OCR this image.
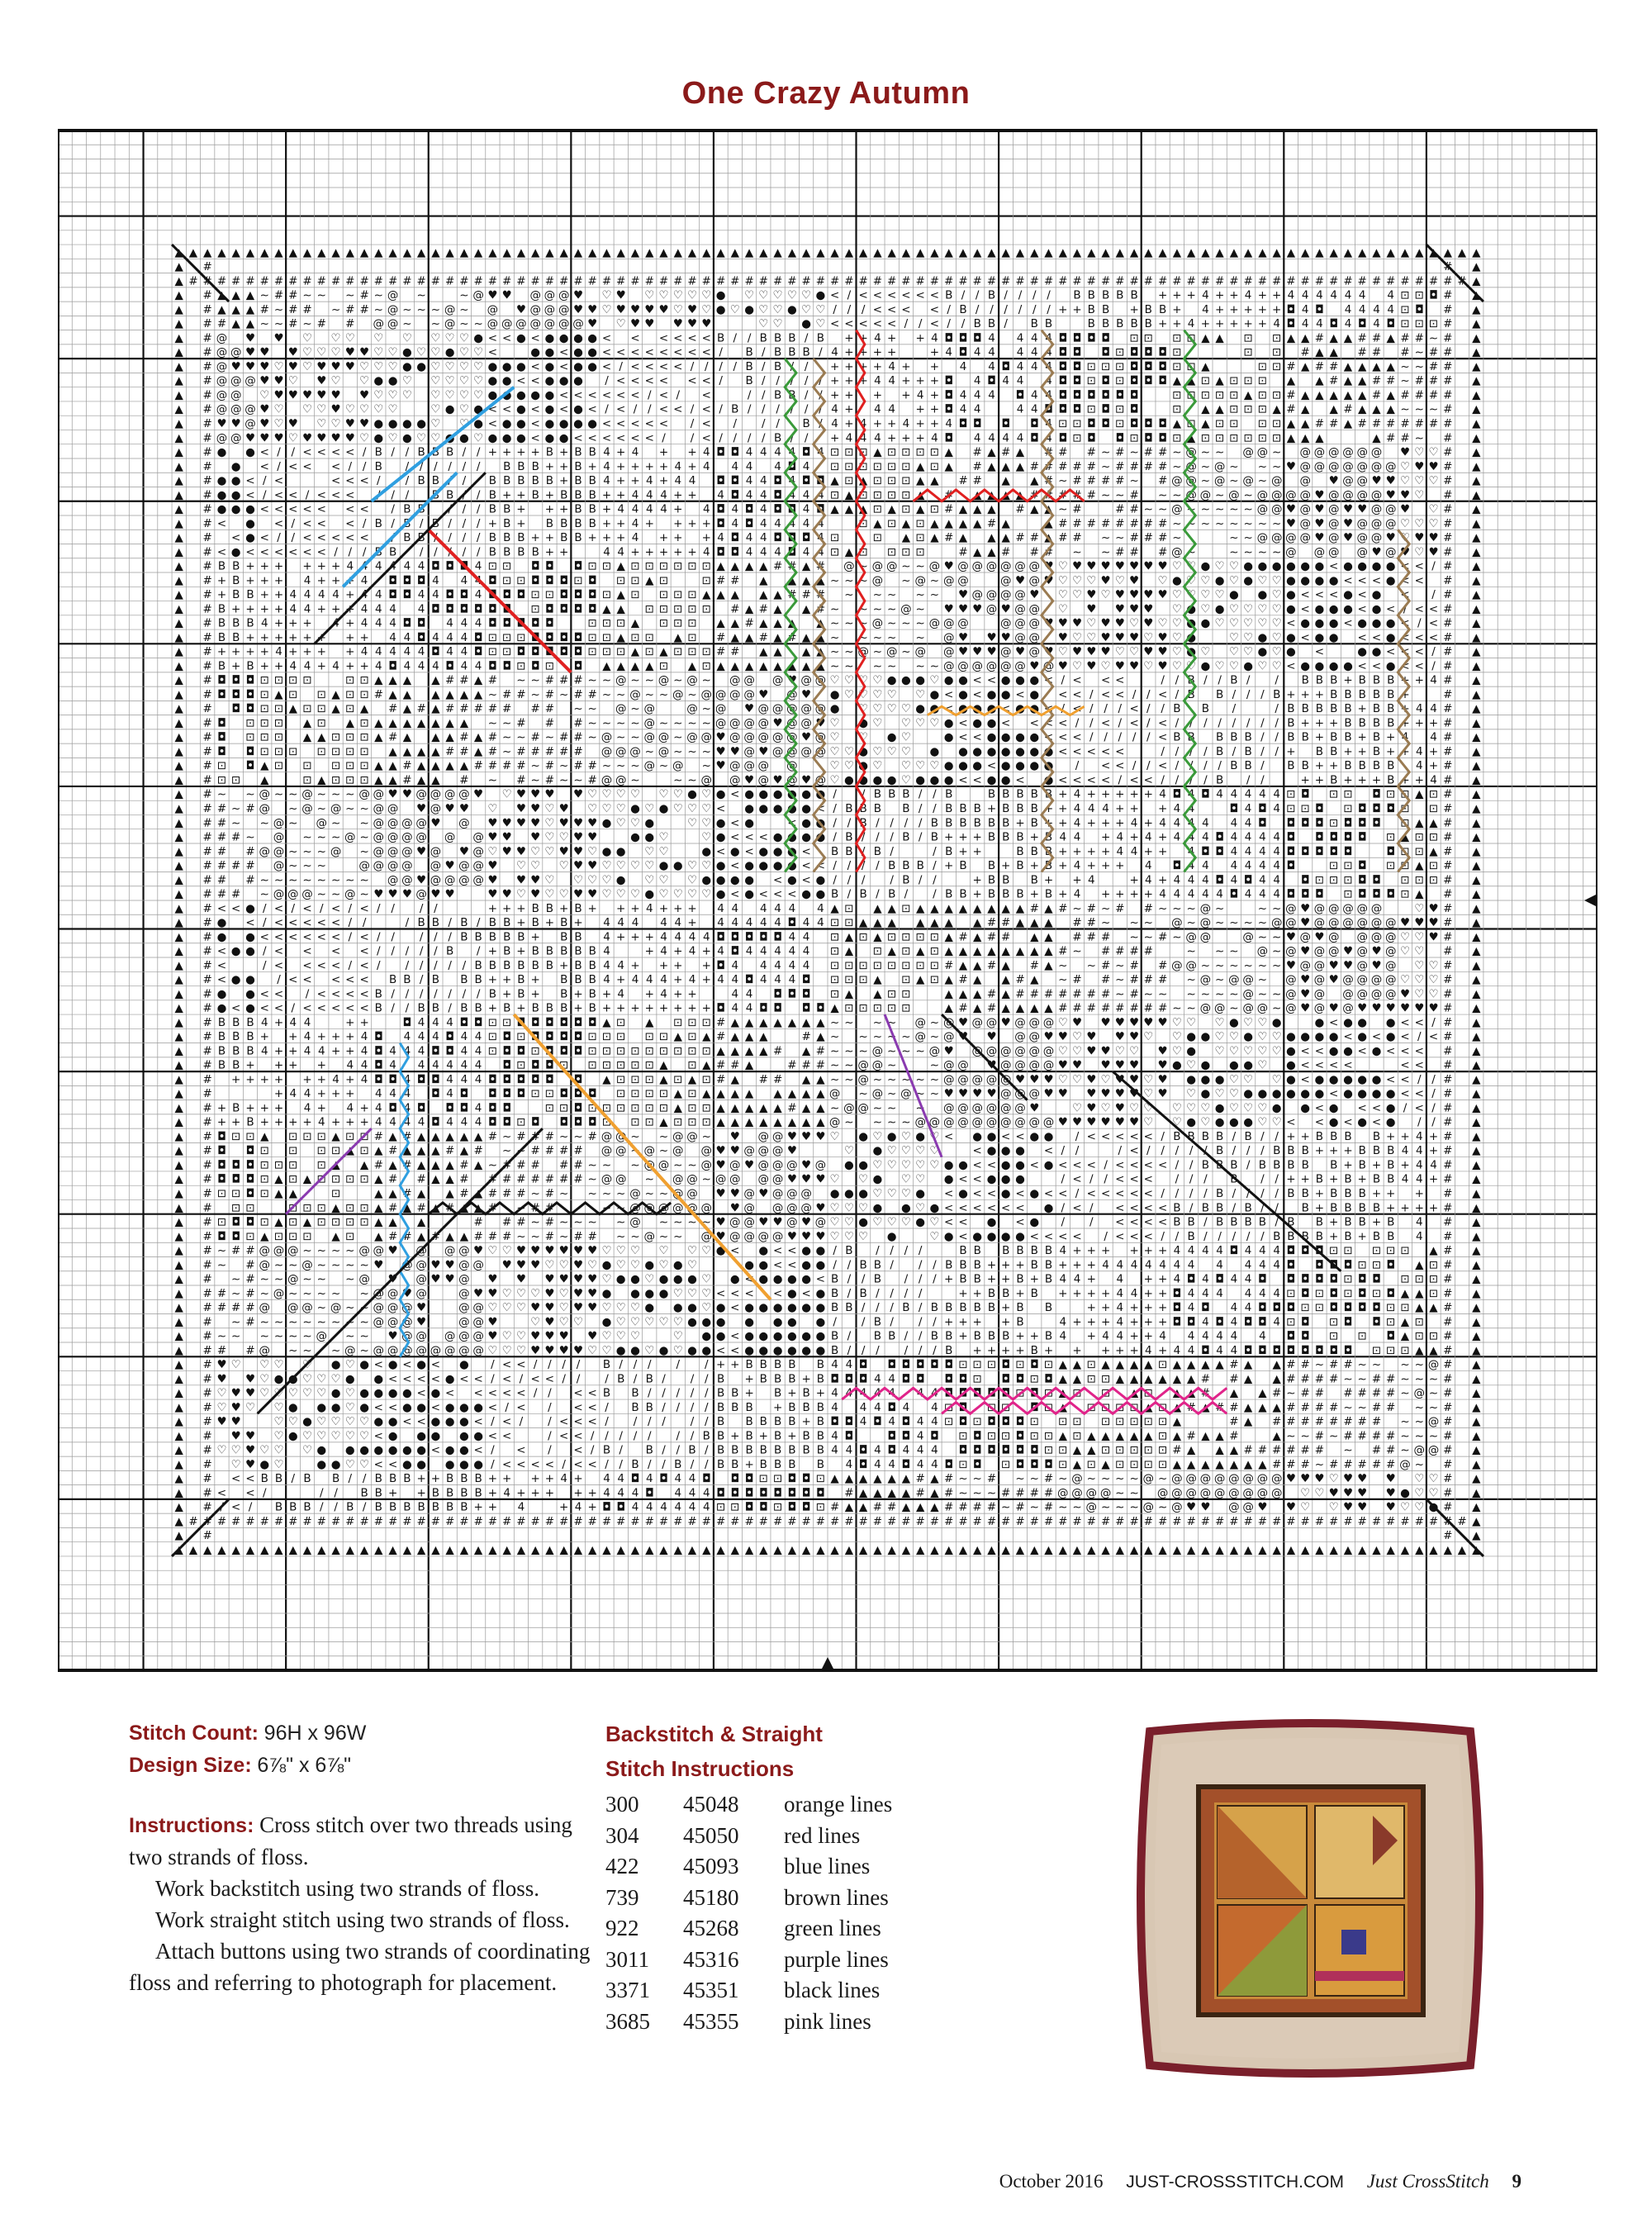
One Crazy Autumn
▲ ▲ ▲ ▲ ▲ ▲ ▲ ▲ ▲ ▲ ▲ ▲ ▲ ▲ ▲ ▲ ▲ ▲ ▲ ▲ ▲ ▲ ▲ ▲ ▲ ▲ ▲ ▲ ▲ ▲ ▲ ▲ ▲ ▲ ▲ ▲ ▲ ▲ ▲ ▲ ▲ ▲ ▲ ▲ ▲ ▲ ▲ ▲ ▲ ▲ ▲ ▲ ▲ ▲ ▲ ▲ ▲ ▲ ▲ ▲ ▲ ▲ ▲ ▲ ▲ ▲ ▲ ▲ ▲ ▲ ▲ ▲ ▲ ▲ ▲ ▲ ▲ ▲ ▲ ▲ ▲ ▲ ▲ ▲ ▲ ▲ ▲ ▲ ▲ ▲
▲ #	▲
▲ # # # # # # # # # # # # # # # # # # # # # # # # # # # # # # # # # # # # # # # # # # # # # # # # # # # # # # # # # # # # # # # # # # # # # # # # # # # # # # # # # # # # # # # # ▲
▲ # ▲ ▲ ~ # # ~ ~ ~ # ~ @ ~	~ @ ♥ ♥ @ @ @ ♥ ♡ ♥ ♡ ♡ ♡ ♡ ♡ ● ♡ ♡ ♡ ♡ ♡ ● < / < < < < < < B / / B / / / / B B B B B + + + 4 + + 4 + + 4 4 4 4 4 4 4 ⊡ ⊡ ◘ #
▲ # ▲ ▲ ▲ # ~ # # ~ # # ~ @ ~ ~ ~ @ ~ @ ♥ @ @ @ ♥ ♥ ♡ ♥ ♥ ♥ ♥ ♡ ♥ ♡ ● ♡ ● ♡ ♡ ● ♡ ♡ / / / < < < < / B / / / / / / + + B B + B B + 4 + + + + + ◘ 4 ◘ 4 4 4 4 ⊡ ◘ # ▲
▲ # # ▲ ▲ ~ ~ # ~ # # @ @ ~ ~ @ ~ ~ @ @ @ @ @ @ @ ♥ ♡ ♥ ♥ ♥ ♥ ♥	♡ ♡ ● ♡ < < < < < / / < / / B B / B B	B B B B B + + 4 + + + + + 4 ◘ 4 4 ◘ 4 ◘ 4 ◘ ⊡ ⊡ ⊡ # ▲
▲ # @ ♥ ♥ ♡ ♡ ♡ ♡ ♡ ♡ ♡ ♡ ● < < ● < ● ● ● ● < < < < < < B / / B B B / B + + 4 + + 4 ◘ ◘ ◘ 4 4 4 4 ◘ ◘ ◘ ◘ ⊡ ⊡ ⊡ ⊡ ▲ ▲ ⊡ ⊡ ▲ ▲ # ▲ ▲ # # ▲ # # ~ # ▲
▲ # @ @ ♥ ♥ ♥ ♡ ♡ ♡ ♥ ♥ ♡ ♡ ● ♡ ♡ ● ♡ ♡ <	● ● < ● ● < < < < < < < < / B / B B B / 4 + + + +	+ 4 ◘ 4 4 4 4 4 ◘ ◘ ◘ ⊡ ◘ ◘ ◘ ⊡	⊡ ⊡ # ▲ ▲ # # # ~ # # ▲
▲ # @ ♥ ♥ ♥ ♡ ♥ ♡ ♥ ♥ ♥ ♡ ♡ ♡ ● ● ♡ ♡ ♡ ♡ ● ● ● < ● < ● ● < / < < < < / / / / B / B / / + + + + 4 + + 4 4 ◘ 4 4 4 ◘ ◘ ⊡ ⊡ ⊡ ◘ ◘ ◘ ⊡ ⊡ ▲	⊡ ⊡ # ▲ # # ▲ ▲ ▲ ▲ ~ ~ # # ▲
▲ # @ @ @ ♥ ♥ ♡ ♥ ♡ ♡ ● ● ♡ ♡ ♡ ♡ ♡ ● ● < < ● ● ● / < < < < < < / B / / / / / + + + 4 4 + + + ◘ 4 ◘ 4 4 4 ◘ ◘ ⊡ ◘ ⊡ ◘ ◘ ◘ ▲ ▲ ⊡ ▲ ⊡ ⊡ ⊡ ▲ ▲ # ▲ ▲ # # ~ # # # ▲
▲ # @ @ ♡ ♥ ♥ ♥ ♥ ♥ ♥ ♡ ♡ ♡ ♡ ♡ ♡ ♡ ● ● ● ● ● < < < < < < / < / <	/ / B B / / + + + + 4 + ◘ 4 4 4 ◘ 4 4 ◘ ◘ ◘ ◘ ◘ ◘	⊡ ⊡ ⊡ ⊡ ⊡ ▲ ⊡ ⊡ # ▲ ▲ ▲ ▲ ▲ # ▲ # # # # ▲
▲ # @ @ @ ♥ ♡ ♡ ♡ ♥ ♡ ♡ ♡ ♡	♡ ● ♡ ● < < ● < ● < ● < / < / / < < / < / B / / / / / / 4 + 4 4 + + ◘ 4 4	4 4 ◘ ◘ ◘ ⊡ ◘ ⊡ ◘	⊡ ▲ ▲ ⊡ ⊡ ⊡ ▲ # ▲ ▲ # ▲ ▲ ▲ ~ ~ ~ # ▲
▲ # ♥ ♥ @ ♥ ♡ ♥ ♡ ♡ ♥ ♥ ● ● ● ● ♡ ♡ ● < ● ● < ● ● ● ● < < < < < / < / / / B / 4 + 4 + + 4 + + 4 ◘ ◘ ◘ ◘ 4 ⊡ ⊡ ◘ ◘ ⊡ ◘ ◘ ◘ ▲ ⊡ ▲ ⊡ ⊡ ⊡ ⊡ ▲ ▲ # # ▲ # # # # # # # ▲
▲ # @ @ ♥ ♥ ♥ ♡ ♥ ♥ ♥ ♥ ♡ ● ♡ ● ♡ ♡ ● ♡ ● ● ● < ● ● < < < < < < / / < / / / / B / / + 4 4 4 + + + 4 ◘ 4 4 4 4 ◘ 4 ◘ ⊡ ◘ ◘ ⊡ ◘ ◘ ⊡ ▲ ⊡ ⊡ ⊡ ⊡ ⊡ ⊡ ▲ ▲ ▲	▲ # # ~ # ▲
▲ # ● ● < / / < < < < / B / / B B B / / + + + + B + B B 4 + 4 + + 4 ◘ ◘ 4 4 4 4 ◘ 4 ⊡ ⊡ ⊡ ▲ ⊡ ⊡ ⊡ ⊡ ▲ # ▲ # ▲ # # # ~ # ~ # # ~ @ ~ ~ @ @ ~ @ @ @ @ @ @ ♥ ♡ ♡ # ▲
▲ # ● < / < < < / / B / / / / / / B B B + + B + 4 + + + + 4 + 4 4 4 4 ◘ 4 ⊡ ⊡ ⊡ ⊡ ⊡ ⊡ ▲ ⊡ ▲ # ▲ ▲ ▲ # # # # # ~ # # # # ~ @ ~ @ ~ ~ ~ ♥ @ @ @ @ @ @ @ ♡ ♥ ♥ # ▲
▲ # ● ● < / <	< < < / / B B / B B B B B + B B 4 + + 4 + 4 4 ◘ ◘ 4 4 ◘ 4 ◘ ◘ ▲ ⊡ ▲ ⊡ ⊡ ⊡ ▲ ▲ # # ▲ ▲ # ~ # # # # ~ # @ @ ~ @ ~ @ ~ @ @ ♥ @ @ ♥ ♥ ♡ ♡ ♡ # ▲
▲ # ● ● < / < < / < < <	/ /	B / B + + B + B B B + + 4 4 4 + + 4 ◘ 4 4 ◘ 4 4 4 ⊡ ▲ ⊡ ⊡ ⊡ ⊡ ▲ # ▲ ▲ ▲ ▲ # # # # # ~ ~ # ~ ~ @ @ ~ @ ~ @ @ @ @ ♥ @ @ @ @ ♥ ♥ ♡ # ▲
▲ # ● ● ● < < < < < < < / B	/ / B B + + + B B + 4 4 4 4 + 4 ◘ 4 ◘ 4 ◘ ◘ 4 ◘ ▲ ▲ ▲ ⊡ ▲ ⊡ ▲ ⊡ # ▲ ▲ ▲ # ▲ ▲ ~ #	# # ~ ~ @ ~ ~ ~ ~ ~ @ @ ♥ @ ♥ @ ♥ ♥ @ @ ♥ ♡ # ▲
▲ # < ● < / < < < / B / / / / / + B + B B B B + + 4 + + + + ◘ 4 ◘ 4 4 4 4 4	⊡ ▲ ⊡ ▲ ⊡ ▲ ▲ ▲ ▲ # ▲	▲ # # # # # # # # ~ ~ ~ ~ ~ ~ ~ ~ ♥ @ ♥ @ ♥ @ @ @ ♡ ♡ ♡ # ▲
▲ # < ● < / / < < < < <	B	/ / / B B B + + B B + + + 4 + + + 4 ◘ 4 4 ◘ ◘ ◘ 4 ⊡	⊡ ▲ ⊡ ▲ # ▲ ▲ ▲ # # ▲ # # ~ ~ # # # ~	~ ~ @ @ @ @ ♥ @ ♥ @ @ ♥ ♡ ♥ ♥ # ▲
▲ # < ● < < < < < < / / / B / / / / B B B B + +	4 4 + + + + + 4 ◘ ◘ 4 4 4 ◘ 4 4 ⊡ ▲ ⊡ ⊡ ⊡ ⊡	# ▲ ▲ # # # ~ ~ # # # @ ~	~ ~ ~ ~ @ @ @ @ ♥ @ ♥ ♡ ♥ # ▲
▲ # B B + + + + + + 4 4 4 4 ◘ ◘ 4 ⊡ ⊡ ◘ ◘ ◘ ⊡ ⊡ ▲ ⊡ ⊡ ⊡ ⊡ ⊡ ⊡ ▲ ▲ ▲ ▲ # # ▲ # @ ~ @ @ ~ ~ @ ♥ @ @ @ @ @ @ ♥ ♡ ♥ ♥ ♥ ♥ ♥ ♥ ♥ ♡ ♡ ● ♡ ♡ ● ● ● ● ● ● < ● ● ● ● < < / # ▲
▲ # + B + + + 4 + + 4 ◘ ◘ ◘ 4 4 ◘ ⊡ ⊡ ◘ ◘ ◘ ⊡ ◘ ⊡ ⊡ ▲ ⊡	⊡ # # ▲ ▲ ▲ ▲ ~ ~ ~ @ ~ @ ~ @ @	@ ♥ @ ♥ ♡ ♡ ♡ ♥ ♡ ♥ ♡ ● ♡ ♡ ● ♡ ● ♡ ♡ ● ● ● ● < < < ● < < # ▲
▲ # + B B + + 4 4 4 4 + 4 ◘ ◘ 4 4 ◘ ◘ 4 ◘ ◘ ⊡ ⊡ ◘ ◘ ◘ ⊡ ▲ ⊡ ⊡ ⊡ ⊡ ▲ ▲ ▲ ▲ ▲ # # # ~ ~ ~ ~ ~ ♥ @ @ @ @ ♥ ♡ ♡ ♥ ♡ ♥ ♥ ♥ ♥ ♡ ♡ ♡ ♡ ● ● ♡ ● < < < ● < ● < / # ▲
▲ # B + + + + 4 4 + + 4 4 4 4 ◘ ◘ ◘ ◘ ◘	⊡ ◘ ◘ ◘ ◘ ▲ ▲ ⊡ ⊡ ⊡ ⊡ ⊡ # ▲ # ▲ ▲ # ~ ~ ~ ~ @ ~ ♥ ♥ ♥ @ ♥ @ @ ♡ ♥ ♥ ♥ ♥ ♡ ● ♡ ● ♡ ♡ ♡ ♡ ● < ● ● ● < ● < / < < # ▲
▲ # B B B 4 + + +	+ 4 4 4 ◘ ◘ 4 4 4 ◘ ◘ ◘ ◘	⊡ ⊡ ⊡ ▲ ⊡ ⊡ ⊡ ▲ ▲ # ▲ ▲ ▲ ▲ ~ ~ ~ @ ~ ~ ~ @ @ @	@ @ @ ♥ ♥ ♥ ♡ ♥ ♥ ♡ ♥ ♡ ♡ ● ● ♡ ♡ ♡ ♡ ♡ < ● ● ● < ● ● ● < / < # ▲
▲ # B B + + + + +	+ + 4 4 ◘ 4 4 4 ◘ ⊡ ⊡ ⊡ ◘ ◘ ◘ ⊡ ⊡ ▲ ⊡ ⊡ ▲ ⊡ # ▲ ▲ # ▲ # ▲ ▲ ~ ~ ~ ~ ~ @ ♥ ♥ ♥ @ @ ♥ ♡ ♡ ♥ ♥ ♥ ♡ ♥ ♡ ●	♡ ♡ ● ♡ ● < ● ● < < ● < < < # ▲
▲ # + + + + 4 + + + + 4 4 4 4 4 ◘ 4 4 ◘ ⊡ ⊡ ◘ ◘ ◘ ◘ ⊡ ⊡ ⊡ ▲ ⊡ ▲ ⊡ ⊡ ⊡ # # ▲ ▲ ▲ ▲ ~ ~ @ ~ @ ~ @ @ ♥ ♥ ♥ @ ♥ @ ♥ ♡ ♥ ♥ ♥ ♡ ♡ ♥ ♥ ♡ ● ♡ ♡ ♡ ● ♡ ● <	● ● < < < / # ▲
▲ # B + B + + 4 4 + 4 + + 4 ◘ 4 4 4 ◘ 4 4 ◘ ◘ ⊡ ◘ ⊡ ◘ ▲ ▲ ▲ ▲ ⊡ ▲ ⊡ ▲ ▲ ▲ ▲ ▲ ▲ ▲ ▲ ~ ~ ~ ~ ~ ~ @ @ @ @ @ @ ♥ @ ♥ ♡ ♥ ♡ ♥ ♥ ♡ ♥ ♡ ♡ ● ♡ ♡ ● ♡ ♡ < ● ● ● ● < < ● < < / # ▲
▲ # ◘ ◘ ◘ ⊡ ⊡ ⊡ ⊡	⊡ ⊡ ▲ ▲ ▲ ▲ # # ▲ # ~ ~ # # # ~ ~ @ ~ ~ @ ~ @ ~ @ @ @ ♥ @ @ ♡ ♡ ♡ ♡ ● ● ● ♡ ● ● < < ● ● ● < / < < <	/ / B / / B / / B B B + B B B + + 4 # ▲
▲ # ◘ ◘ ◘ ⊡ ▲ ⊡ ⊡ ▲ ⊡ ⊡ # ▲ ▲ ▲ ▲ ▲ ▲ ~ # # ~ # ~ # # ~ ~ @ ~ ~ @ ~ @ @ @ @ ♥ @ ♥ ● ♡ ♡ ♡ ♡ ♡ ● < ● < ● ● < ● < < / < < / / < / B B / / / B + + + B B B B B +	# ▲
▲ # ◘ ◘ ⊡ ⊡ ▲ ⊡ ⊡ ▲ ⊡ ▲ # ▲ # ▲ # # # # # # # ~ ~ @ ~ @	@ ~ @ ♥ @ @ @ @ @ ● ♡ ♡ ♡ ♡ ● ● < ● ● ● < ● ● < / < / / / < / / B B /	/ B B B B B + B B + 4 4 # ▲
▲ # ◘ ⊡ ⊡ ⊡ ▲ ⊡ ▲ ⊡ ▲ ▲ ▲ ▲ ▲ ▲ ▲ ~ ~ # # # ~ ~ ~ ~ @ ~ ~ ~ ~ @ @ @ @ ♥ @ @ ♥ ♡ ● ♡ ♡ ♡ ♡ ● < ● ● < < < < / / < / < / < / / / / / / / / B + + + B B B B + + + # ▲
▲ # ◘ ⊡ ⊡ ⊡ ▲ ▲ ⊡ ⊡ ⊡ ▲ # ▲ ▲ ▲ # ▲ # ~ ~ # ~ # # ~ @ ~ ~ @ @ ~ @ @ ♥ @ @ @ @ @ ♥ @ ♡ ♡ ● ♡	● < < ● ● ● ● < < < / / / / / < B B B B B / / B B + B B + B + 4 4 # ▲
▲ # ◘ ◘ ⊡ ⊡ ⊡ ⊡ ⊡ ⊡ ⊡ ▲ ▲ ▲ ▲ # # ▲ # ~ # # # # # @ @ @ ~ @ ~ ~ ~ ♥ ♥ @ ♥ @ @ @ @ ♡ ♡ ● ♡ ♡ ♡ ● ● ● ● ● ● ● ● < < < < <	/ / / / B / B / / + B B + + B + + 4 + # ▲
▲ # ⊡ ◘ ▲ ⊡ ⊡ ⊡ ⊡ ⊡ ▲ ▲ # ▲ ▲ ▲ ▲ # # # # ~ # ~ # # ~ ~ ~ @ ~ @ ~ ♥ @ @ @ @	♡ ♡ ● ♡ ♡ ♡ ♡ ● ● ● < ● ● ● ● / < < / / < / / / / B B / B B + + B B B B 4 + # ▲
▲ # ⊡ ⊡ ▲	⊡ ▲ ⊡ ⊡ ⊡ ▲ ▲ # ▲ ▲ # ~ # ~ # ~ ~ # @ @ ~	~ ~ @ @ ♥ @ ♥ @ ♥ @ ♡ ● ● ● ● ♡ ● ● ● < < ● ● < ● < < < < / < < / / / / B / /	+ + B + + + B + + 4 # ▲
▲ # ~ ~ @ ~ ~ @ ~ ~ ~ @ @ ♥ ♥ @ @ @ @ ♥ ♡ ♥ ♥ ♥ ♥ ♡ ♡ ♡ ♡ ♡ ♡ ● ♡ ● < ● ● ● ● ● ● / / B B B / / B	B B B B B + 4 + + + + + 4 ◘ 4 ◘ 4 4 4 4 4 ⊡ ◘ ⊡ ⊡ ◘ ⊡ ⊡ ▲ ⊡ # ▲
▲ # # ~ # @ ~ @ ~ @ ~ ~ @ @ ♥ @ ♥ ♥ ♡ ♥ ♥ ♡ ♥ ♡ ♡ ♡ ● ♡ ● ♡ ♡ ♡ < ● ● ● ● ● < / B B B B / / B B B + B B B + + 4 4 4 + + + 4 4	◘ 4 ◘ 4 ⊡ ⊡ ◘ ⊡ ◘ ◘ ◘ ⊡ ⊡ # ▲
▲ # # ~ ~ @ ~ @ ~ ~ @ @ @ @ ♥ @ ♥ ♥ ♥ ♥ ♡ ♥ ♥ ♥ ● ♡ ♡ ●	♡ ♡ ● < ●	< ● ● / / B / / / / B B B B B B + B + + 4 + + + 4 + 4 4 4 4 4 4 ◘ ◘ ◘ ◘ ⊡ ◘ ◘ ◘ ⊡ ▲ ▲ # ▲
▲ # # # ~ @ ~ ~ ~ @ ~ @ @ @ @ @ @ ♥ ♥ ♥ ♡ ♡ ♥ ♥	● ● ♡	♡ ● < < < ● ● ● ● / B / / / B / B + + + B B B + B 4 4 + 4 + 4 + 4 4 4 ◘ 4 4 4 4 ◘ ◘ ◘ ◘ ◘ ⊡ ▲ ⊡ ⊡ # ▲
▲ # # # @ @ ~ ~ ~ @ ~ @ @ @ ♥ @ ♥ @ ♡ ♥ ♥ ♡ ♡ ♥ ♥ ♡ ● ● ♡ ♡	● < ● < ● ● ● < B B / B /	/ B + +	B B B + + + + 4 4 + + 4 ◘ ◘ 4 4 4 4 ◘ ◘ ◘ ◘ ◘	◘ ⊡ ⊡ ▲ # ▲
▲ # # # # @ ~ ~ ~	@ @ @ @ @ ♥ @ @ ♥ ♡ ♡ ♡ ♥ ♥ ♡ ♡ ♡ ♡ ● ● ♡ ♡ ● < ● ● ● ● < < / / / / B B B / + B B + B + B + 4 + + + 4 ◘ 4 4 4 4 4 4 ◘	⊡ ⊡ ◘ ⊡ ⊡ ▲ ⊡ # ▲
▲ # # # ~ ~ ~ ~ ~ ~ ~ ~ @ @ ♥ @ @ @ @ ♥ ♥ ♥ ♡ ♡ ♡ ♡ ● ♡ ♡ ♡ ● ● ● ● < ● < ● / / / / B / /	+ B B B + + 4	+ 4 + 4 4 4 ◘ 4 ◘ 4 4 ◘ ⊡ ⊡ ⊡ ◘ ◘ ⊡ ⊡ ⊡ # ▲
▲ # # # ~ @ @ @ ~ ~ @ ~ ♥ ♥ ♥ @ ♥ ♥	♥ ♥ ♡ ♥ ♡ ♡ ♥ ♥ ♡ ♡ ♡ ● ♡ ♡ ♡ ♡ ● < ● < < < ● ● B / B / B / / B B + B B B + B + 4 + + + + 4 4 4 4 4 ◘ 4 4 4 ◘ ◘ ◘ ⊡ ◘ ◘ ◘ ⊡ ▲ # ▲
▲ # < < ● / < / < / < / < / / / /	+ + + B B + B + + + 4 + + + 4 4 4 4 4 4 ▲ ⊡ ▲ ▲ ⊡ ▲ ▲ ▲ ▲ ▲ ▲ ▲ ▲ # ▲ # ~ # ~ # # ~ ~ ~ @ ~	~ ~ @ ♥ @ @ @ @ @	♡ ♥ # ▲
▲ # ● < / < < < < < / /	/ B B / B / B B + B + B + 4 4 4 4 4 + 4 4 4 4 4 ◘ 4 4 ⊡ ⊡ ▲ ▲ ▲ ▲ ▲ ▲ ▲ # # ▲ ▲ ▲ # # ~ ~ ~ @ ~ @ ~ ~ ~ ~ @ @ ♥ @ @ @ @ @ @ ♥ ♥ ♥ # ▲
▲ # ● ● < < < < < < / < / / / / / B B B B B + B B 4 + + + 4 4 4 4 ◘ ◘ ◘ ◘ ◘ 4 4 ⊡ ▲ ⊡ ▲ ⊡ ⊡ ⊡ ⊡ ▲ # ▲ # # ▲ ▲ # # # ~ ~ # ~ @ @	@ ~ ~ ♥ @ ♥ @ @ @ @ ♡ ♡ ♥ # ▲
▲ # < ● ● / < < < < / / / / / B / + B + B B B B B 4	+ 4 + 4 + 4 ◘ 4 4 4 4 4 ⊡ ▲ ⊡ ▲ ⊡ ▲ ⊡ ▲ ▲ ▲ ▲ ▲ ▲ ▲ ▲ # ~ # # # #	~ ~ ~ @ ~ @ ♥ @ @ ♥ @ ♥ @ ♡ ♡ # ▲
▲ # <	/ < < < < / < / / / / / / B B B B B B + B B 4 4 + + + + ◘ 4 4 4 4 4 ⊡ ⊡ ⊡ ⊡ ⊡ ⊡ ⊡ ⊡ # ▲ ▲ # ▲ # ▲ ~ ~ # ~ # # @ @ ~ ~ ~ ~ ~ ~ ♥ @ @ ♥ ♥ @ ♥ @ ♡ ♡ # ▲
▲ # < ● ● / < < < < < B B / B B B + + B + B B B 4 + 4 4 4 + 4 + 4 4 ◘ 4 4 4 ◘ ⊡ ⊡ ⊡ ▲ ⊡ ▲ ⊡ ▲ # ▲ ▲ # ▲ ~ # # ~ # # # ~ @ ~ @ @ ~ @ ♥ @ ♥ @ @ @ @ ♡ ♡ ♡ # ▲
▲ # ● ● < < / < < < < B / / / / / / / B + B + B + B + 4 + 4 + +	4 4 ◘ ◘ ◘ ⊡ ▲ ▲ ⊡ ⊡	▲ ▲ ▲ # ▲ # # # # # # # ~ # ~ ~ ~ ~ ~ ~ @ ~ ~ @ ♥ @ @ @ @ @ ♥ ♡ ♡ # ▲
▲ # ● < ● < < / < < < < < B / / B B / B B + B + B B B + B + + + + + + + + ◘ 4 4 ◘ ◘ ◘ ◘ ▲ ⊡ ⊡ ⊡ ⊡ ⊡	▲ # ▲ # ▲ ▲ ▲ ▲ # # # # # # # # ~ ~ @ @ ~ @ @ ~ @ ♥ @ ♥ @ ♥ ♥ ♥ ♥ ♥ ♥ # ▲
▲ # B B B 4 + 4 4	+ +	◘ 4 4 4 ◘ ◘ ⊡ ⊡ ◘ ◘ ◘ ◘ ◘ ▲ ⊡ ▲ ⊡ ⊡ ⊡ # ▲ ▲ ▲ ▲ ▲ ▲ ▲ ~ ~ ~ ~ @ ~ ♥ @ @ ♥ @ @ @ ♡ ♥ ♥ ♥ ♥ ♥ ♥ ♡ ♡ ♡ ● ♡ ♡ ●	● < ● ● ● < < / # ▲
▲ # B B B + + 4 + + + 4 ◘ 4 4 4 ◘ 4 4 ⊡ ◘ ⊡ ◘ ◘ ◘ ⊡ ⊡ ⊡ ⊡ ⊡ ▲ ⊡ ▲ # ▲ ▲ ▲	# ▲ ~ ~ ~ ~ ~ @ ~ @	♥ @ @ ♥ ♥ ♡ ♥ ♥ ♥ ♡ ♡ ● ● ♡ ♡ ● ♡ ♡ ● ● ● ● < ● < ● < / < # ▲
▲ # B B B 4 + + 4 4 + + 4 ◘ 4 4 4 ◘ ◘ 4 4 ⊡ ◘ ◘ ⊡ ◘ ◘ ◘ ⊡ ⊡ ⊡ ⊡ ⊡ ⊡ ⊡ ⊡ ⊡ ▲ ▲ ▲ ▲ # ▲ # ~ ~ ~ @ ~ ~ ~ @ ♥	@ @ @ @ @ ♡ ♡ ♥ ♥ ♡ ♡ ♥ ♡ ● ♡ ♡ ♡ ♡ ♡ ● < < ● ● < ● < < < # ▲
▲ # B B + + + + 4 4 ◘ 4 4 4 4 4 4 ◘ ⊡ ◘ ◘ ⊡ ⊡ ⊡ ⊡ ⊡ ⊡ ▲ ⊡ ▲ # # ▲	# # # ~ ~ @ @ ~	~ @ @	@ @ @ @ ♥ ♥ ♥ ♥ ♥ ♥ ● ♡ ● ● ● ♡ ● < < < <	< < # ▲
▲ # + + + + + + 4 + 4 ◘ ◘ 4 ◘ ◘ 4 4 4 ◘ ◘ ◘ ◘ ◘ ◘ ▲ ⊡ ⊡ ⊡ ▲ ⊡ ▲ ⊡ # ▲ # # ▲ ▲ ~ ~ @ ~ ~ ~ ~ ~ @ @ @ @ ♥ ♥ ♥ ♡ ♡ ♥ ♡ ♥ ♥ ♡ ♥ ● ● ● ♡ ♡ ♡ ● < ● ● ● ● ● < < / / # ▲
▲ #	+ 4 4 + + + 4 4 4 ◘ 4 ◘ ◘ ◘ ◘ ⊡ ⊡ ◘ ◘ ◘ ⊡ ⊡ ⊡ ⊡ ▲ ⊡ ▲ ▲ ▲ ▲ ▲ ▲ ▲ ▲ @ ~ @ ~ @ ~ ~ ♥ ♥ ♥ ♥ @ @ ♥ ♥ ♥ ♥ ♥ ♥ ♡ ♥ ♡ ● ♡ ♡ ● ● ● ● ● ● < ● ● ● ● < < / # ▲
▲ # + B + + + 4 + 4 + 4 ◘ 4 ◘ ◘ ◘ 4 ◘ ◘	⊡ ⊡ ◘ ⊡ ⊡ ⊡ ⊡ ⊡ ⊡ ▲ ⊡ ⊡ ▲ ▲ ▲ ▲ ▲ # ▲ ▲ ~ @ @ ~ ~ ~ @ @ @ @ @ @ ♥	♡ ♥ ♡ ♥ ♡ ♡ ♡ ♡ ♡ ● ♡ ♡ ♡ ● ● < ● < < ● / < / # ▲
▲ # + + B + + + + 4 + + + 4 4 4 4 ◘ 4 4 4 ◘ ◘ ⊡ ◘ ◘ ◘ ◘ ⊡ ⊡ ⊡ ▲ ⊡ ⊡ ⊡ ▲ ▲ ▲ ▲ ▲ ▲ ▲ ▲ @ ~ ~ ~ ~ @ @ @ @ @ @ @ @ @ @ ♥ ♥ ♥ ♥ ♥ ♥ ♡ ♡ ● ♡ ● ● ● ♡ ♡ < < ● < ● < ● / / # ▲
▲ # ◘ ⊡ ⊡ ▲ ⊡ ⊡ ⊡ ▲ ⊡ # ▲ # ▲ ▲ ▲ ▲ ▲ # ~ # # ~ ~ # @ @ ~ ~ @ @ ~ ♥ @ @ ♥ ♥ ♥ ♡ ● ♡ ● ♡ ● < ● ● < < ● ● / < < < < < / B B B B / B / / + + B B B B + + 4 + # ▲
▲ # ◘ ◘ ⊡ ⊡ ⊡ ⊡ ⊡ ▲ # ▲ ▲ ▲ # ▲ # ~ # # # # @ @ @ ~ @ @ ♥ ♥ @ @ @ ♥	♡ ● ♡ ♡ ♡ ♡	< ● ● ● < / /	/ < / / / / / B / / / B B B + + + B B B 4 4 + # ▲
▲ # ◘ ◘ ◘ ⊡ ⊡ ⊡ ⊡	▲ # ▲ # ▲ ▲ ▲ # ▲ ~ # # # # ~ ~ ~ @ ~ ~ @ ♥ @ ♥ @ @ @ ♥ @ ● ● ♡ ♡ ♡ ♡ ♡ ● ● < < ● ● < ● < < < / < < < < / / B B / B B B B B + B + B + 4 4 # ▲
▲ # ◘ ◘ ◘ ⊡ ▲ ⊡ ▲ ⊡ ⊡ ⊡ ▲ # # ▲ ▲ #	# # # # # # ~ @ @ ~ @ @ ~ @ @ @ @ ♥ ♥ ♥ ♡ ♡ ● ♡ ♡ ● < < ● ● ●	/ < / / < < < / / / B / / + + B + B + B B 4 4 + # ▲
▲ # ⊡ ⊡ ◘ ⊡ ▲ ▲	⊡	▲ ▲ # ▲ ▲ # # # # ~ # ~ ~ ~ ~ @ ~ ~ @ @ ♥ ♥ @ ♥ @ @ @ ● ● ● ♡ ♡ ♡ ● < ● < < ● < ● < < / < < < < < / / / / B / / / / B B + B B B + + + # ▲
▲ # ⊡ ⊡	⊡ ⊡ ▲ ⊡ ⊡ ▲ # ▲ # ▲ # ▲ # ~ # #	~ ~ @ @ @ @ @ @ ♥ @ @ @ @ ♥ ♡ ♡ ♡ ● ● ♡ ● < < < < < < ● / < / < < < < B / B B / B / / B + B B B B + + + + # ▲
▲ # ⊡ ◘ ◘ ⊡ ▲ ⊡ ▲ ⊡ ⊡ ⊡ ⊡ ▲ ▲ ▲	# # # ~ # ~ ~ ~ ~ @ ~ ~ ~ ~ ♥ @ @ ♥ ♥ @ ♥ @ ♡ ♡ ● ♡ ♡ ♡ ● ♡ < < ● < ● / / < < < < B B / B B B B / B B + B B + B 4 # ▲
▲ # ◘ ◘ ⊡ ▲ ⊡ ⊡ ⊡ ▲ ⊡ ▲ # # ▲ ▲ ▲ # # # ~ ~ # ~ # # ~ ~ @ ~ ~ @ ♥ @ @ @ @ ♥ ♥ ♥ ♡ ♡ ♡ ●	♡ ● < ● ● ● ● < < < < / < < < / / B / / / / / B B B B + B + B B 4 # ▲
▲ # ~ # # @ @ @ ~ ~ ~ ~ @ @ ♥	@ @ ♥ ♡ ♡ ♥ ♥ ♥ ♥ ♥ ♥ ♡ ♡ ♡ ♡ ♡ ♡ ● < ● < < ● ● / B / / / /	B B B B B B 4 + + + + + + 4 4 4 4 ◘ 4 4 4 ◘ ◘ ◘ ⊡ ⊡ ⊡ ⊡ ⊡ ▲ # ▲
▲ # ~ # @ ~ ~ @ ~ ~ ~ ~ ♥	@ ♥ ♥ @ @ ♥ ♥ ♥ ♡ ♡ ♥ ♡ ● ♡ ♡ ● ♡ ● ♡	● ● < < ● ● / / B B / / / B B B + + + B B + + + 4 4 4 4 4 4 4 4 4 4 4 ◘ ◘ ◘ ⊡ ⊡ ◘ ▲ ⊡ # ▲
▲ # ~ # ~ ~ @ ~ ~ ~ @	@ ♥ ♥ @ ♥ ♥ ♥ ♥ ♥ ♥ ♡ ● ● ♡ ● ● ● ♡ ● < ● ● ● ● < B / / B / / / + B B + + B + B 4 4 + 4 + + 4 ◘ 4 ◘ 4 4 ◘ ◘ ◘ ◘ ◘ ⊡ ◘ ◘ ⊡ ⊡ ⊡ # ▲
▲ # # ~ # ~ @ ~ ~ ~ ~ ~ @ ♥ @	@ ♥ ♥ ♡ ♡ ♡ ♥ ♡ ♥ ♥ ● ● ● ● ♡ ♡ ♡ < < < < ● < ● B / B / / / /	+ + B B + B + + + + 4 4 + + ◘ 4 4 4 4 4 4 ⊡ ◘ ⊡ ◘ ⊡ ◘ ⊡ ◘ ▲ ▲ ⊡ # ▲
▲ # # # # @ @ @ ~ @ ~ @ @ @ ♥	@ @ ♡ ♡ ♡ ♥ ♥ ♡ ♥ ♥ ♡ ♡ ♡ ● ● ● ♡ ● < ● ● ● ● ● ● B B / / / B / B B B B B + B B	+ + 4 + + + ◘ 4 ◘ 4 4 ◘ ◘ ◘ ⊡ ⊡ ◘ ◘ ◘ ◘ ⊡ ⊡ ▲ ▲ # ▲
▲ # ~ # ~ ~ ~ ~ ~ ~ ~ @ @ @ ♥	@ @ ♥	♡ ♥ ♡ ♡ ● ♡ ♡ ♡ ♡ ♡ ● ● ● ● ● ● ● / / B / / / + + + + B	4 + + + 4 + + + ◘ ◘ 4 ◘ 4 ◘ ◘ 4 ⊡ ◘ ⊡ ◘ ◘ ⊡ ▲ ⊡ # ▲
▲ # ~ ~ ~ ~ ~ ~ @ ~ ~ ♥ @ @ @ @ @ ♥ ♡ ♡ ♥ ♥ ♥ ♥ ♡ ♡ ♡	♡ ● ● < ● ● ● ● ● ● B / B B / / B B + B B B + + B 4 + 4 4 + + 4 4 4 4 4 4 ◘ ◘ ⊡ ⊡ ◘ ▲ ⊡ ⊡ # ▲
▲ # # # @ ~ ~ ~ @ ~ @ @ @ @ @ @ @ @ ♡ ♡ ♡ ♥ ♥ ♥ ♥ ♡ ♡ ● ● ♡ ● ♡ ● ● < < ● ● ● ● ● ● B / / / / / / B + + + + B + + + + + 4 + 4 4 ◘ 4 4 ◘ ◘ ◘ ◘ ◘ ◘ ◘ ◘ ⊡ ⊡ ⊡ ▲ ▲ # ▲
▲ # ♥ ♡ ♡ ♡	● ♡ ● < ● < ● < ● / < < / / / / B / / / / / + + B B B B B 4 4 ◘ ◘ ◘ ◘ ◘ ◘ ⊡ ⊡ ⊡ ◘ ⊡ ◘ ⊡ ▲ ▲ ⊡ ▲ ▲ ▲ ▲ ⊡ ▲ ▲ ▲ ▲ # ▲ ▲ # # ~ # # ~ ~ ~ ~ @ # ▲
▲ # ♥ ♥ ♡ ● ♡ ♡ ♡ ● ● < < < < ● < < / < / < < / / / B / B / / / B + B B B + B ◘ ◘ ◘ 4 4 ◘ ◘ ◘ ◘ ⊡ ◘ ◘ ⊡ ◘ ▲ ▲ ⊡ ⊡ ▲ ▲ ▲ ▲ ▲ ▲ # # ▲ ▲ # # # # ~ ~ # # ~ ~ ~ # ▲
▲ # ♡ ♥ ♥ ♡ ♡ ♡ ♡ ● ♡ ● ● ● ● < ● < < < < < / / < < B B / / / / / B B + B + B + 4 4 4 4 4 4 4 ◘ ◘ ◘ ◘ ◘ ⊡ ◘ ⊡ ▲ ⊡ ⊡ ▲ ⊡ ▲ ▲ # ▲ ▲ # ~ # # # # # # ~ @ ~ # ▲
▲ # ♡ ♥ ♡ ♡ ● ● ● ♡ ● < < ● ● < ● ● ● < / < / < < / B B / / / / B B B + B B B 4 4 4 ◘ 4 4 ⊡ ◘ ⊡ ⊡ ◘ ⊡ ▲ ⊡ ⊡ ⊡ ⊡ ▲ ⊡ ▲ # ▲ # # ▲ ▲ ▲ # # # # ~ ~ # # ~ ~ # ▲
▲ # ♥ ♥	♡ ♡ ● ♡ ♡ ♡ ♡ ● ● < < ● ● ● < / < / / < < < / / / / / / B B B B B + B ◘ ◘ 4 ◘ 4 ◘ 4 4 ⊡ ◘ ⊡ ◘ ◘ ◘ ⊡ ⊡ ⊡ ⊡ ⊡ ⊡ ⊡ ⊡ ▲	# ▲ # # # # # # # # ~ ~ @ # ▲
▲ # ♥ ♥ ♡ ● ♡ ♡ ♡ ♡ ♡ < ● ● ● ● ● < <	/ < < / / / / / / / B B + B + B + B B 4 ◘	◘ ◘ 4 ◘ ⊡ ◘ ⊡ ⊡ ◘ ⊡ ⊡ ▲ ⊡ ▲ ▲ ▲ ▲ ▲ ⊡ ▲ # ▲ ▲ #	▲ ~ ~ # ~ # # # # ~ ~ ~ # ▲
▲ # ♡ ♡ ♥ ♡ ♡ ♡ ● ● ● ● ● ● ● < ● ● < / < / < / B / B / / B / B B B B B B B B 4 4 ◘ 4 ◘ 4 4 4 ◘ ◘ ◘ ◘ ◘ ◘ ⊡ ⊡ ▲ ▲ ⊡ ⊡ ⊡ ⊡ ⊡ # ▲ ▲ ▲ # # # # # # ~ # # ~ @ @ # ▲
▲ # ♡ ♥ ● ♡	● ● ♡ ♡ < < ● ● ● ● ● / < < < < / < < / / B / / B / / B B + B B B B 4 ◘ 4 4 ◘ 4 4 ◘ ⊡ ◘ ⊡ ◘ ◘ ◘ ⊡ ▲ ⊡ ▲ ⊡ ⊡ ⊡ ⊡ ▲ ▲ ▲ ▲ ▲ ▲ ▲ # # # ~ # # # # # @ ~ # ▲
▲ # < < B B / B B / / B B B + + B B B + + + + 4 + 4 4 ◘ 4 ◘ 4 4 ◘ ◘ ◘ ⊡ ⊡ ◘ ◘ ⊡ ▲ ▲ ▲ ▲ ▲ ▲ # ▲ # ~ ~ # ~ ~ # ~ @ ~ ~ ~ ~ @ ~ @ @ @ @ @ @ @ @ ♥ ♥ ♥ ♡ ♥ ♥ ♥ ♡ ♡ # ▲
▲ # < < /	/ / B B + + B B B B + 4 + + + + + 4 4 4 ◘ 4 4 4 ◘ ◘ ◘ ◘ ◘ ◘ ◘ ◘ # ▲ ▲ ▲ ▲ # ▲ # ~ ~ ~ # # # # @ @ @ @ ~ ~ @ @ @ @ @ @ @ @ @ ♡ ♡ ♥ ♥ ♥ ♥ ● ♡ ♡ # ▲
▲ # < / B B B / / B / B B B B B B B + + 4	+ 4 + ◘ ◘ 4 4 4 4 4 4 ⊡ ⊡ ◘ ◘ ⊡ ◘ ◘ ⊡ # ▲ ▲ # # ▲ ▲ ▲ # # # # ~ # ~ # ~ ~ @ ~ ~ ~ @ ~ @ ♥ ♥ @ @ ♥ ♥ ♡ ♡ ♥ ♥ ♥ ♡ ♡ # ▲
▲ # # # # # # # # # # # # # # # # # # # # # # # # # # # # # # # # # # # # # # # # # # # # # # # # # # # # # # # # # # # # # # # # # # # # # # # # # # # # # # # # # # # # # # # # ▲
▲ #	# ▲
▲ ▲ ▲ ▲ ▲ ▲ ▲ ▲ ▲ ▲ ▲ ▲ ▲ ▲ ▲ ▲ ▲ ▲ ▲ ▲ ▲ ▲ ▲ ▲ ▲ ▲ ▲ ▲ ▲ ▲ ▲ ▲ ▲ ▲ ▲ ▲ ▲ ▲ ▲ ▲ ▲ ▲ ▲ ▲ ▲ ▲ ▲ ▲ ▲ ▲ ▲ ▲ ▲ ▲ ▲ ▲ ▲ ▲ ▲ ▲ ▲ ▲ ▲ ▲ ▲ ▲ ▲ ▲ ▲ ▲ ▲ ▲ ▲ ▲ ▲ ▲ ▲ ▲ ▲ ▲ ▲ ▲ ▲ ▲ ▲ ▲ ▲ ▲ ▲ ▲

Stitch Count: 96H x 96W

Design Size: 6⅞" x 6⅞"

Instructions: Cross stitch over two threads using two strands of floss.

Work backstitch using two strands of floss.

Work straight stitch using two strands of floss.

Attach buttons using two strands of coordinating floss and referring to photograph for placement.

Backstitch & Straight
Stitch Instructions
300	45048	orange lines
304	45050	red lines
422	45093	blue lines
739	45180	brown lines
922	45268	green lines
3011	45316	purple lines
3371	45351	black lines
3685	45355	pink lines
October 2016 JUST-CROSSSTITCH.COM Just CrossStitch 9
